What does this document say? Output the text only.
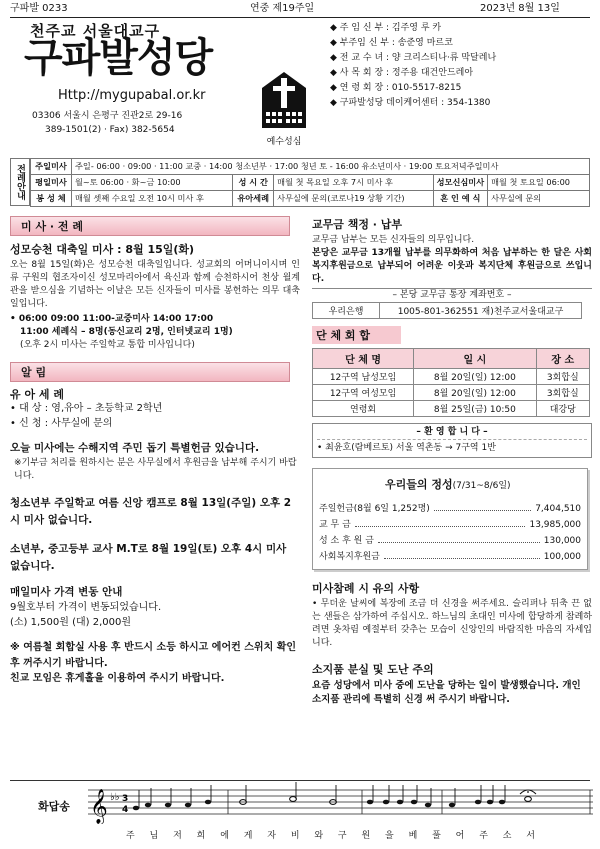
구파발 0233	연중 제19주일	2023년 8월 13일
천주교 서울대교구
구파발성당
Http://mygupabal.or.kr
03306 서울시 은평구 진관2로 29-16
389-1501(2) · Fax) 382-5654
예수성심
◆ 주 임 신 부 : 김주영 루 카
◆ 부주임 신 부 : 송준영 마르코
◆ 전 교 수 녀 : 양 크리스티나·류 막달레나
◆ 사 목 회 장 : 정주용 대건안드레아
◆ 연 령 회 장 : 010-5517-8215
◆ 구파발성당 데이케어센터 : 354-1380
전례안내	주일미사	주일- 06:00 · 09:00 · 11:00 교중 · 14:00 청소년부 · 17:00 청년 토 - 16:00 유소년미사 · 19:00 토요저녁주일미사				
평일미사	월~토 06:00 · 화~금 10:00	성 시 간	매월 첫 목요일 오후 7시 미사 후	성모신심미사	매월 첫 토요일 06:00
봉 성 체	매월 셋째 수요일 오전 10시 미사 후	유아세례	사무실에 문의(코로나19 상황 기간)	혼 인 예 식	사무실에 문의
미 사 · 전 례
성모승천 대축일 미사 : 8월 15일(화)
오는 8월 15일(화)은 성모승천 대축일입니다. 성교회의 어머니이시며 인류 구원의 협조자이신 성모마리아에서 육신과 함께 승천하시어 천상 월계관을 받으심을 기념하는 이날은 모든 신자들이 미사를 봉헌하는 의무 대축일입니다.
• 06:00 09:00 11:00-교중미사 14:00 17:00
11:00 세례식 – 8명(동신교리 2명, 인터넷교리 1명)
(오후 2시 미사는 주일학교 통합 미사입니다)
알 림
유 아 세 례
• 대 상 : 영,유아 – 초등학교 2학년
• 신 청 : 사무실에 문의
오늘 미사에는 수해지역 주민 돕기 특별헌금 있습니다.
※기부금 처리를 원하시는 분은 사무실에서 후원금을 납부해 주시기 바랍니다.
청소년부 주일학교 여름 신앙 캠프로 8월 13일(주일) 오후 2시 미사 없습니다.
소년부, 중고등부 교사 M.T로 8월 19일(토) 오후 4시 미사 없습니다.
매일미사 가격 변동 안내
9월호부터 가격이 변동되었습니다.
(소) 1,500원 (대) 2,000원
※ 여름철 회합실 사용 후 반드시 소등 하시고 에어컨 스위치 확인 후 꺼주시기 바랍니다.
친교 모임은 휴게홀을 이용하여 주시기 바랍니다.
교무금 책정 · 납부
교무금 납부는 모든 신자들의 의무입니다.
본당은 교무금 13개월 납부를 의무화하여 처음 납부하는 한 달은 사회복지후원금으로 납부되어 어려운 이웃과 복지단체 후원금으로 쓰입니다.
– 본당 교무금 통장 계좌번호 –
우리은행	1005-801-362551 재)천주교서울대교구
단 체 회 합
단 체 명	일 시	장 소
12구역 남성모임	8월 20일(일) 12:00	3회합실
12구역 여성모임	8월 20일(일) 12:00	3회합실
연령회	8월 25일(금) 10:50	대강당
– 환 영 합 니 다 –
• 최윤호(람베르토) 서울 역촌동 → 7구역 1반
우리들의 정성(7/31~8/6일)
주일헌금(8월 6일 1,252명)	7,404,510
교 무 금	13,985,000
성 소 후 원 금	130,000
사회복지후원금	100,000
미사참례 시 유의 사항
• 무더운 날씨에 복장에 조금 더 신경을 써주세요. 슬리퍼나 뒤축 끈 없는 샌들은 삼가하여 주십시오. 하느님의 초대인 미사에 합당하게 참례하려면 옷차림 예절부터 갖추는 모습이 신앙인의 바람직한 마음의 자세입니다.
소지품 분실 및 도난 주의
요즘 성당에서 미사 중에 도난을 당하는 일이 발생했습니다. 개인 소지품 관리에 특별히 신경 써 주시기 바랍니다.
화답송 𝄞 ♭♭ 3
4
주 님 저 희 에 게 자 비 와 구 원 을 베 풀 어 주 소 서
